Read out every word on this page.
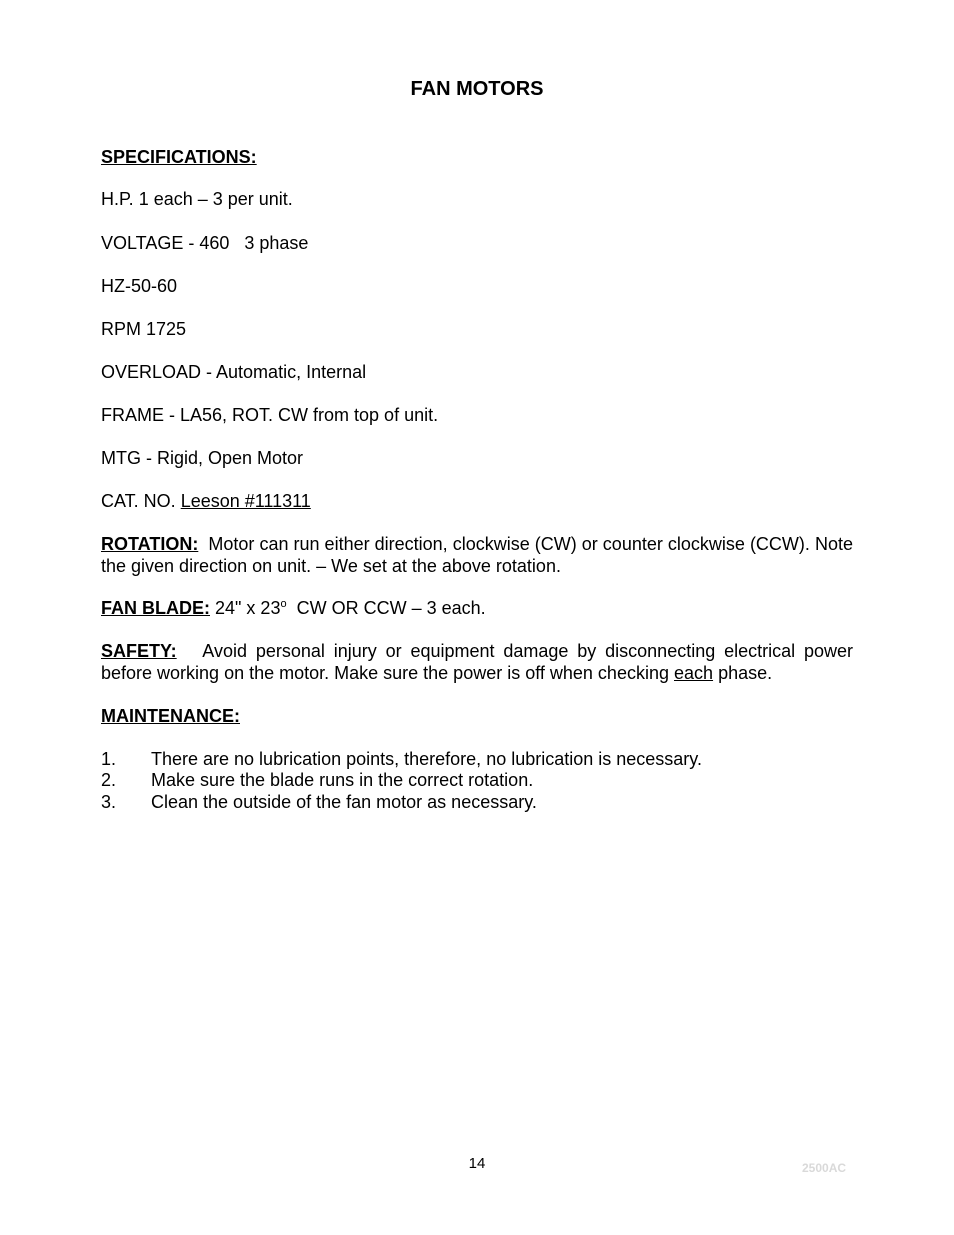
FAN MOTORS
SPECIFICATIONS:
H.P. 1 each – 3 per unit.
VOLTAGE - 460   3 phase
HZ-50-60
RPM 1725
OVERLOAD - Automatic, Internal
FRAME - LA56, ROT. CW from top of unit.
MTG - Rigid, Open Motor
CAT. NO. Leeson #111311
ROTATION: Motor can run either direction, clockwise (CW) or counter clockwise (CCW). Note the given direction on unit. – We set at the above rotation.
FAN BLADE: 24" x 23$^o$ CW OR CCW – 3 each.
SAFETY: Avoid personal injury or equipment damage by disconnecting electrical power before working on the motor. Make sure the power is off when checking each phase.
MAINTENANCE:
1. There are no lubrication points, therefore, no lubrication is necessary.
2. Make sure the blade runs in the correct rotation.
3. Clean the outside of the fan motor as necessary.
14	2500AC
